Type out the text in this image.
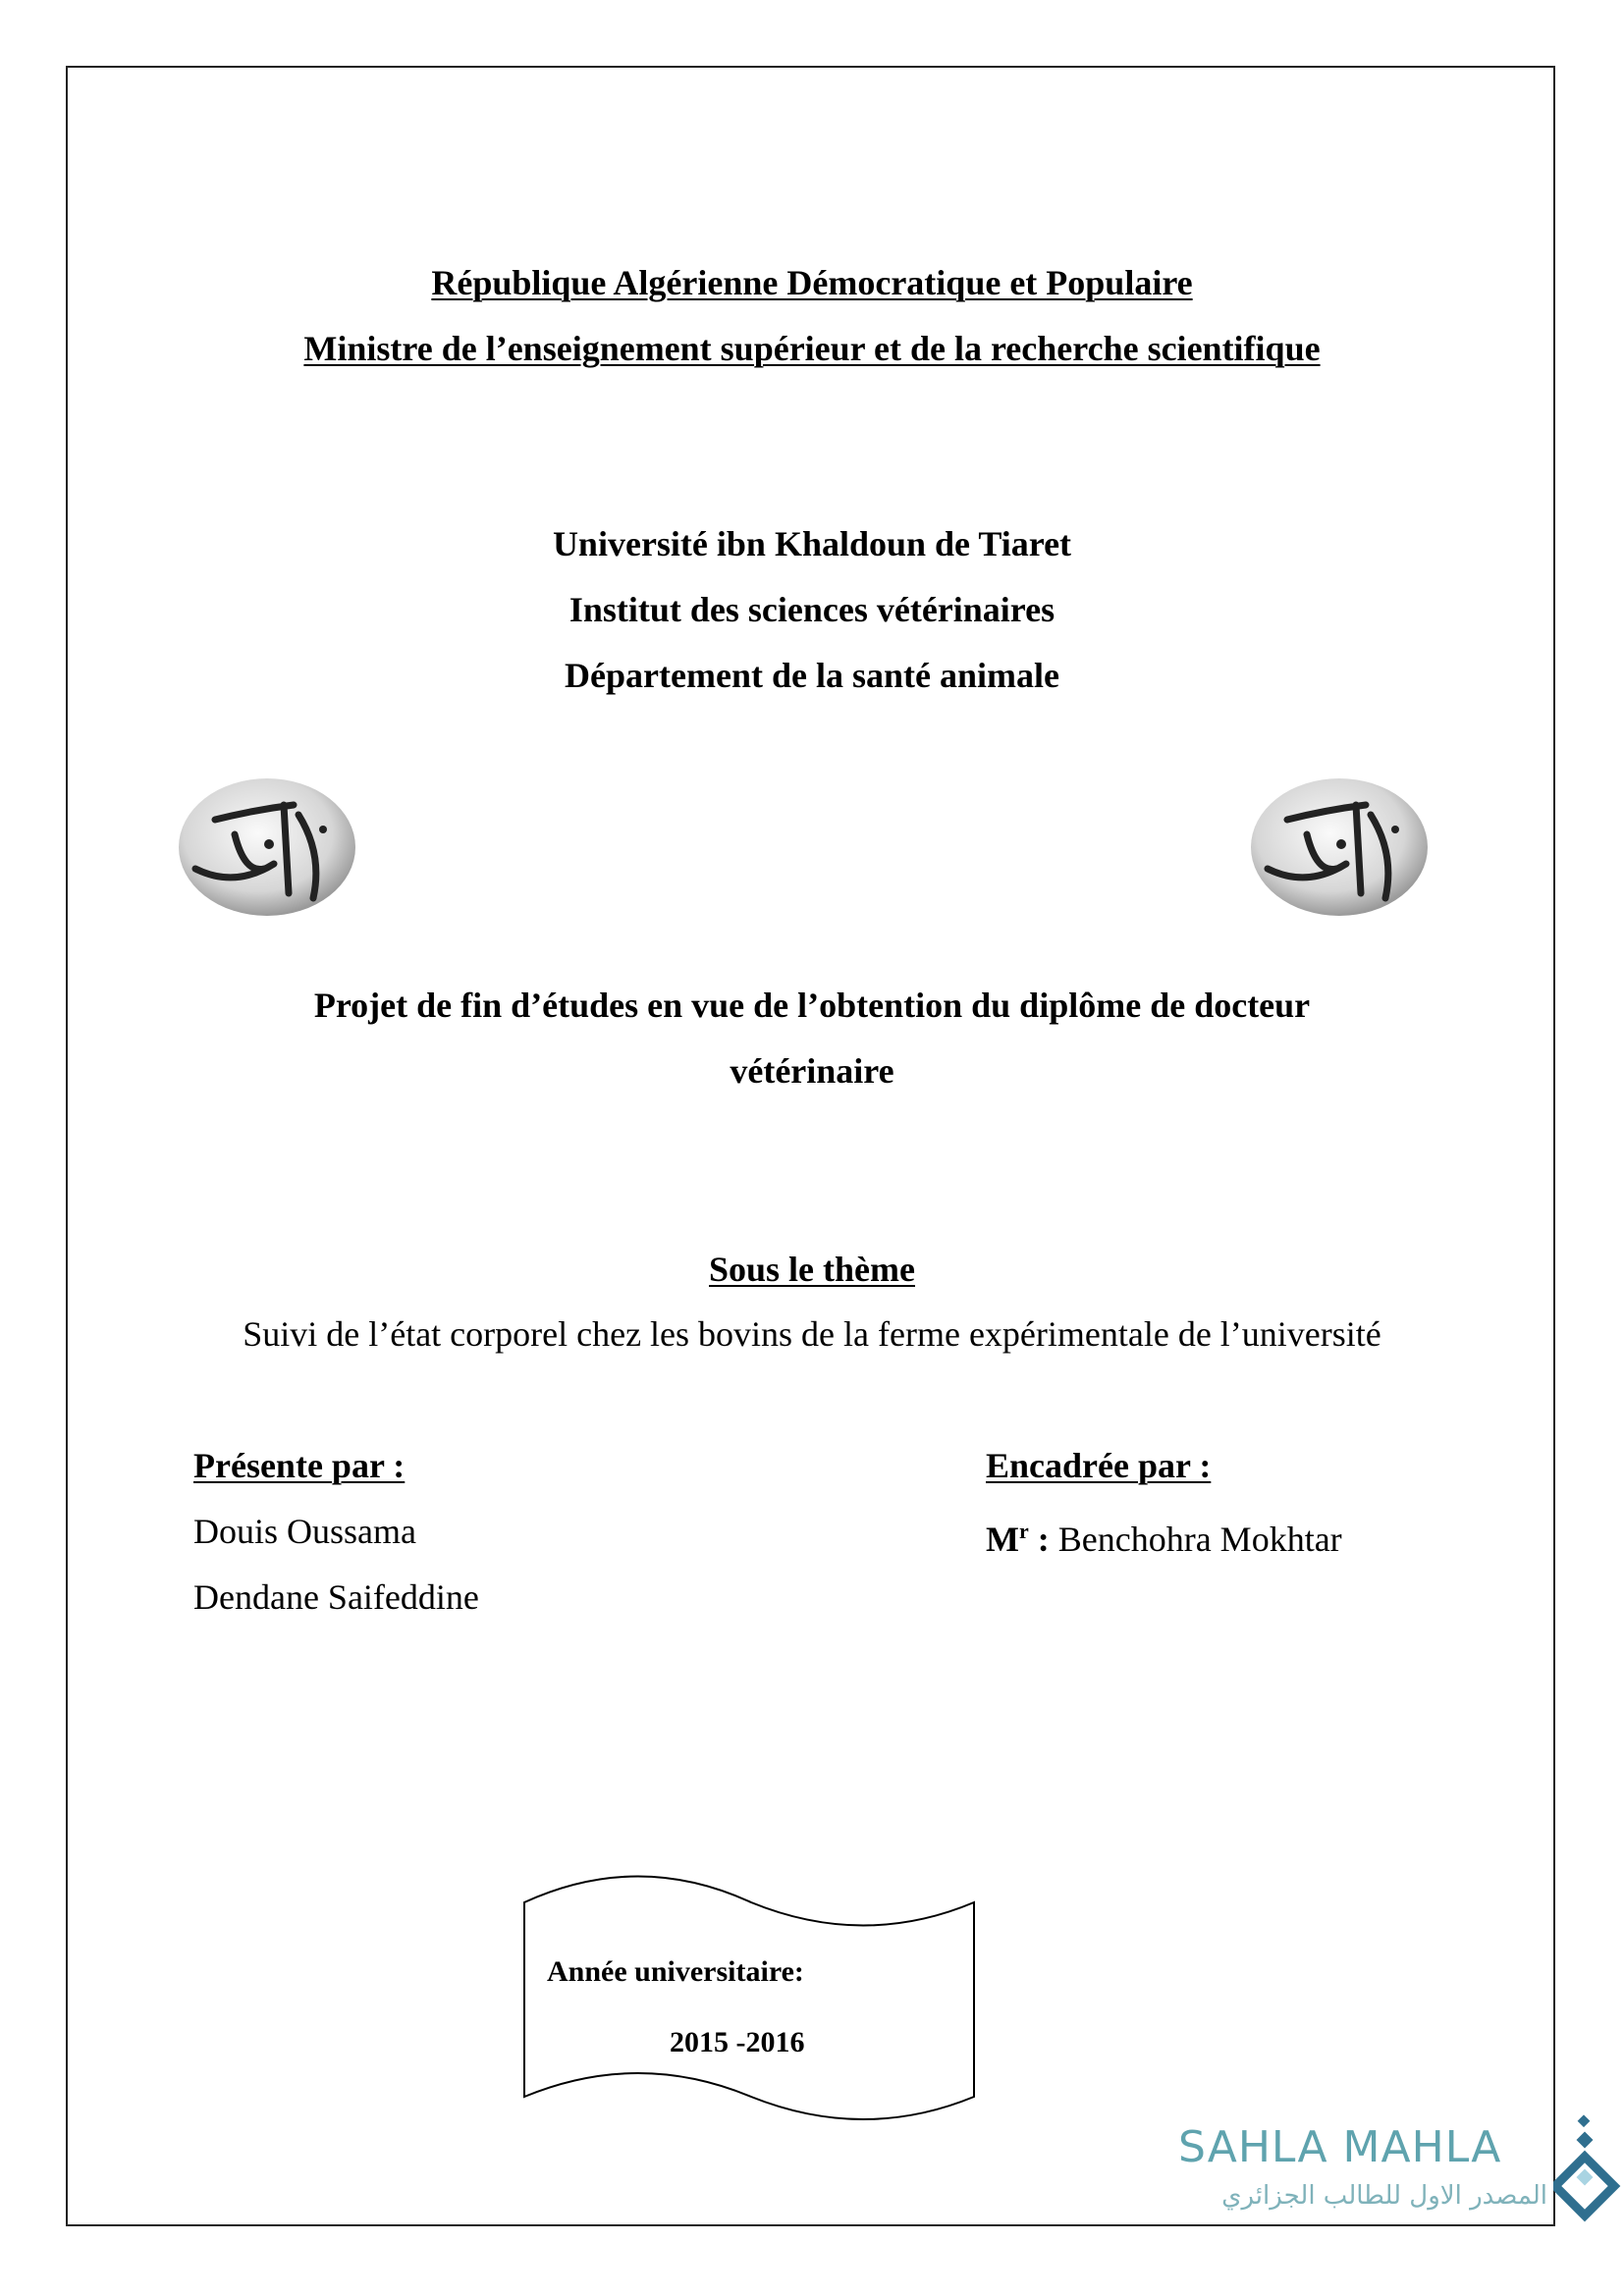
République Algérienne Démocratique et Populaire
Ministre de l’enseignement supérieur et de la recherche scientifique
Université ibn Khaldoun de Tiaret
Institut des sciences vétérinaires
Département de la santé animale
Projet de fin d’études en vue de l’obtention du diplôme de docteur
vétérinaire
Sous le thème
Suivi de l’état corporel chez les bovins de la ferme expérimentale de l’université
Présente par :
Douis Oussama
Dendane Saifeddine
Encadrée par :
$M^r$ : Benchohra Mokhtar
Année universitaire:
2015 -2016
SAHLA MAHLA
المصدر الاول للطالب الجزائري
